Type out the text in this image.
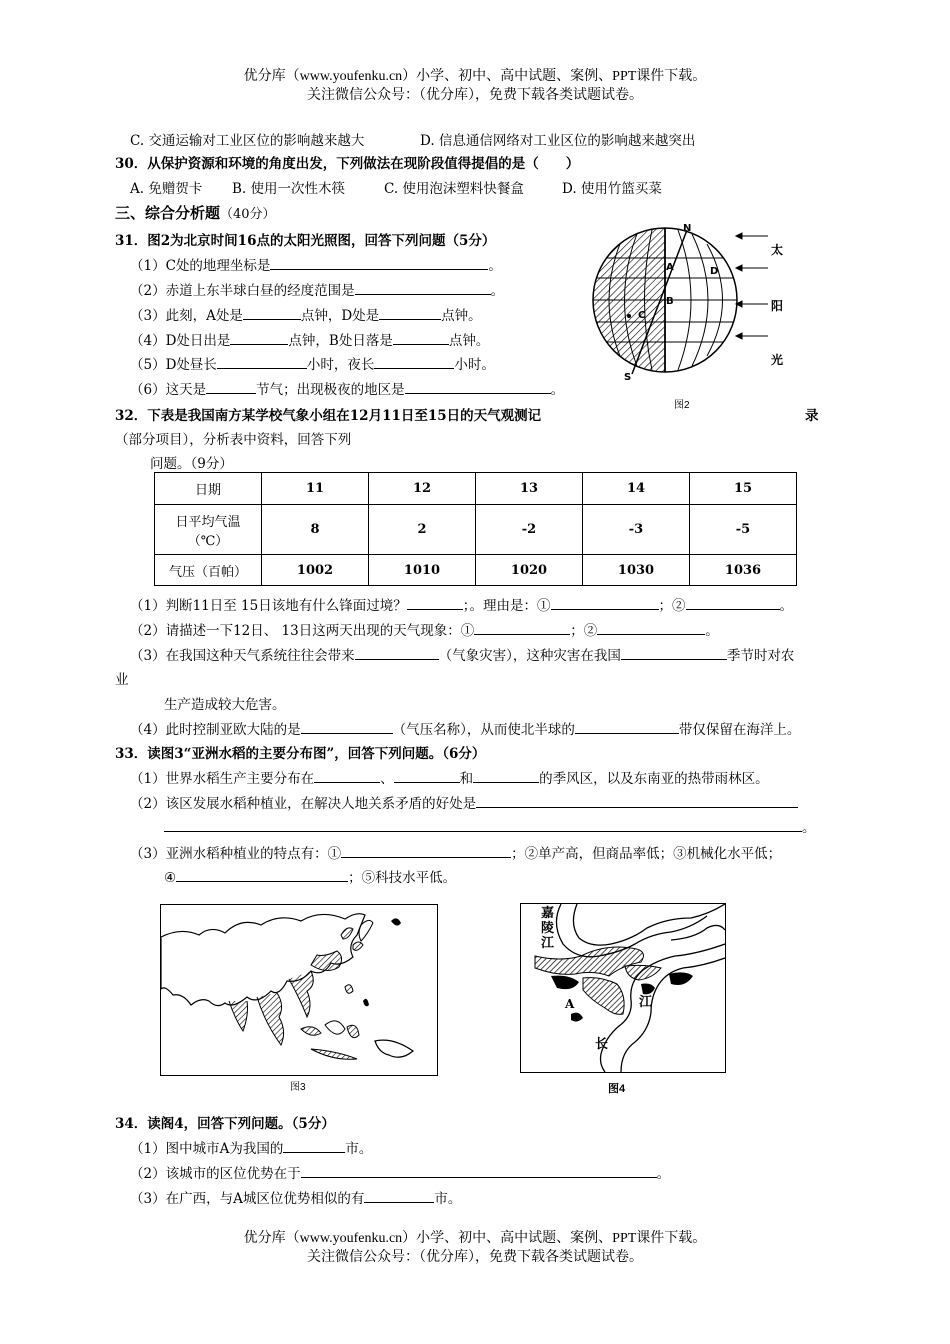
优分库（www.youfenku.cn）小学、初中、高中试题、案例、PPT课件下载。
关注微信公众号：（优分库），免费下载各类试题试卷。
C. 交通运输对工业区位的影响越来越大	D. 信息通信网络对工业区位的影响越来越突出
30．从保护资源和环境的角度出发，下列做法在现阶段值得提倡的是（　　）
A. 免赠贺卡 B. 使用一次性木筷	C. 使用泡沫塑料快餐盒	D. 使用竹篮买菜
三、综合分析题（40分）
31．图2为北京时间16点的太阳光照图，回答下列问题（5分）
（1）C处的地理坐标是	。
（2）赤道上东半球白昼的经度范围是	。
（3）此刻，A处是	点钟，D处是	点钟。
（4）D处日出是	点钟，B处日落是	点钟。
（5）D处昼长	小时，夜长	小时。
（6）这天是	节气；出现极夜的地区是	。
N
S
A
B
C
D
太
阳
光
图2
32．下表是我国南方某学校气象小组在12月11日至15日的天气观测记	录
（部分项目），分析表中资料，回答下列
问题。（9分）
日期	11	12	13	14	15

日平均气温
（℃）	8	2	-2	-3	-5
气压（百帕）	1002	1010	1020	1030	1036
（1）判断11日至 15日该地有什么锋面过境？	；。理由是：①	；②	。
（2）请描述一下12日、 13日这两天出现的天气现象：①	；②	。
（3）在我国这种天气系统往往会带来	（气象灾害），这种灾害在我国	季节时对农
业
生产造成较大危害。
（4）此时控制亚欧大陆的是	（气压名称），从而使北半球的	带仅保留在海洋上。
33．读图3“亚洲水稻的主要分布图”，回答下列问题。（6分）
（1）世界水稻生产主要分布在	、	和	的季风区，以及东南亚的热带雨林区。
（2）该区发展水稻种植业，在解决人地关系矛盾的好处是
。
（3）亚洲水稻种植业的特点有：①	；②单产高，但商品率低；③机械化水平低；
④	；⑤科技水平低。
图3
嘉
陵
江
A	江
长
图4
34．读阁4，回答下列问题。（5分）
（1）图中城市A为我国的	市。
（2）该城市的区位优势在于	。
（3）在广西，与A城区位优势相似的有	市。
优分库（www.youfenku.cn）小学、初中、高中试题、案例、PPT课件下载。
关注微信公众号：（优分库），免费下载各类试题试卷。
